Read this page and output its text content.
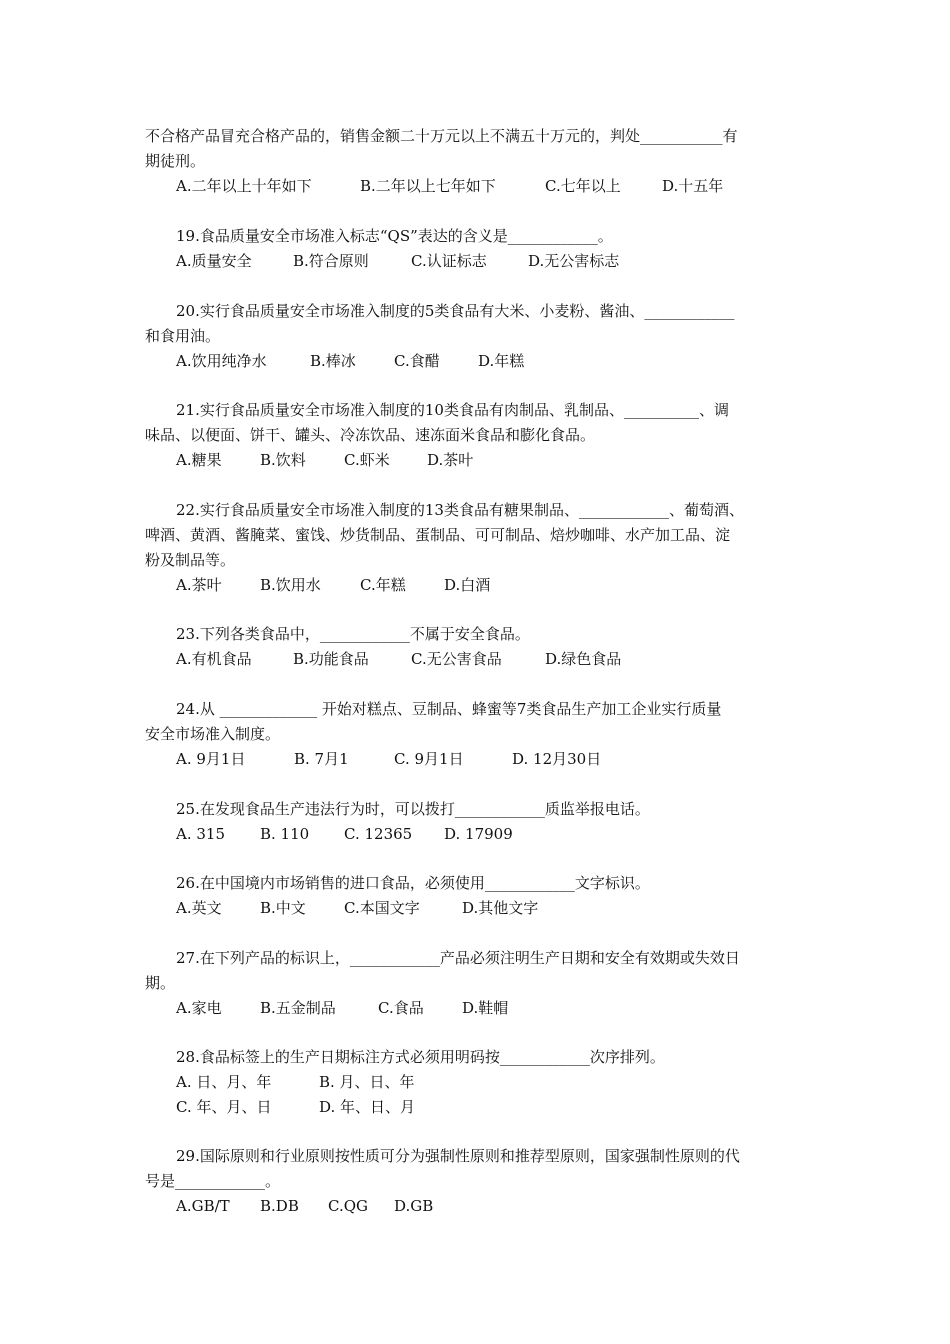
不合格产品冒充合格产品的，销售金额二十万元以上不满五十万元的，判处___________有
期徒刑。
A.二年以上十年如下	B.二年以上七年如下	C.七年以上	D.十五年
19.食品质量安全市场准入标志“QS”表达的含义是____________。
A.质量安全	B.符合原则	C.认证标志	D.无公害标志
20.实行食品质量安全市场准入制度的5类食品有大米、小麦粉、酱油、____________
和食用油。
A.饮用纯净水	B.棒冰	C.食醋	D.年糕
21.实行食品质量安全市场准入制度的10类食品有肉制品、乳制品、__________、调
味品、以便面、饼干、罐头、冷冻饮品、速冻面米食品和膨化食品。
A.糖果	B.饮料	C.虾米 D.茶叶
22.实行食品质量安全市场准入制度的13类食品有糖果制品、____________、葡萄酒、
啤酒、黄酒、酱腌菜、蜜饯、炒货制品、蛋制品、可可制品、焙炒咖啡、水产加工品、淀
粉及制品等。
A.茶叶	B.饮用水	C.年糕	D.白酒
23.下列各类食品中，____________不属于安全食品。
A.有机食品	B.功能食品	C.无公害食品	D.绿色食品
24.从 _____________ 开始对糕点、豆制品、蜂蜜等7类食品生产加工企业实行质量
安全市场准入制度。
A. 9月1日	B. 7月1	C. 9月1日	D. 12月30日
25.在发现食品生产违法行为时，可以拨打____________质监举报电话。
A. 315 B. 110 C. 12365 D. 17909
26.在中国境内市场销售的进口食品，必须使用____________文字标识。
A.英文	B.中文	C.本国文字	D.其他文字
27.在下列产品的标识上，____________产品必须注明生产日期和安全有效期或失效日
期。
A.家电	B.五金制品	C.食品	D.鞋帽
28.食品标签上的生产日期标注方式必须用明码按____________次序排列。
A. 日、月、年	B. 月、日、年
C. 年、月、日	D. 年、日、月
29.国际原则和行业原则按性质可分为强制性原则和推荐型原则，国家强制性原则的代
号是____________。
A.GB/T B.DB C.QG D.GB
